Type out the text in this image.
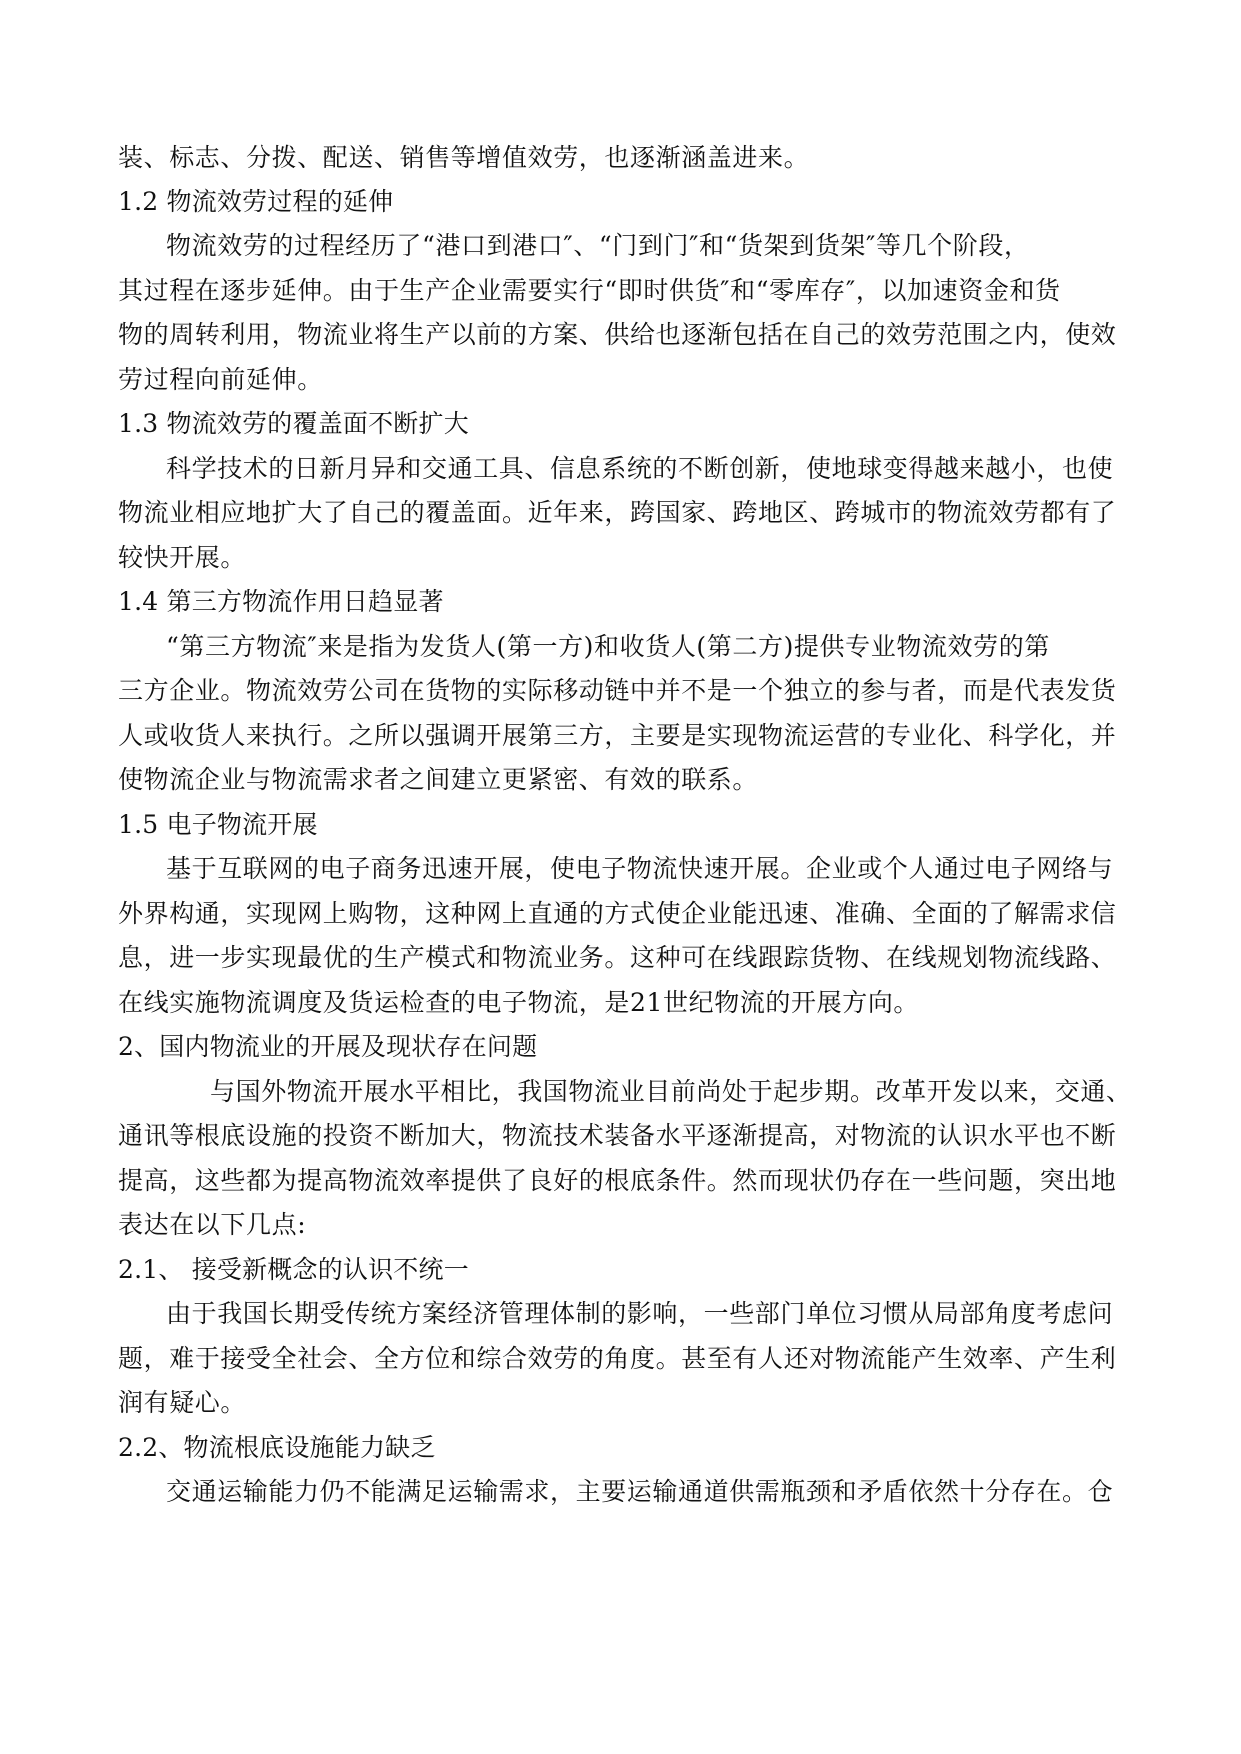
装、标志、分拨、配送、销售等增值效劳，也逐渐涵盖进来。
1.2 物流效劳过程的延伸
物流效劳的过程经历了“港口到港口″、“门到门″和“货架到货架″等几个阶段，
其过程在逐步延伸。由于生产企业需要实行“即时供货″和“零库存″，以加速资金和货
物的周转利用，物流业将生产以前的方案、供给也逐渐包括在自己的效劳范围之内，使效
劳过程向前延伸。
1.3 物流效劳的覆盖面不断扩大
科学技术的日新月异和交通工具、信息系统的不断创新，使地球变得越来越小，也使
物流业相应地扩大了自己的覆盖面。近年来，跨国家、跨地区、跨城市的物流效劳都有了
较快开展。
1.4 第三方物流作用日趋显著
“第三方物流″来是指为发货人(第一方)和收货人(第二方)提供专业物流效劳的第
三方企业。物流效劳公司在货物的实际移动链中并不是一个独立的参与者，而是代表发货
人或收货人来执行。之所以强调开展第三方，主要是实现物流运营的专业化、科学化，并
使物流企业与物流需求者之间建立更紧密、有效的联系。
1.5 电子物流开展
基于互联网的电子商务迅速开展，使电子物流快速开展。企业或个人通过电子网络与
外界构通，实现网上购物，这种网上直通的方式使企业能迅速、准确、全面的了解需求信
息，进一步实现最优的生产模式和物流业务。这种可在线跟踪货物、在线规划物流线路、
在线实施物流调度及货运检查的电子物流，是21世纪物流的开展方向。
2、国内物流业的开展及现状存在问题
与国外物流开展水平相比，我国物流业目前尚处于起步期。改革开发以来，交通、
通讯等根底设施的投资不断加大，物流技术装备水平逐渐提高，对物流的认识水平也不断
提高，这些都为提高物流效率提供了良好的根底条件。然而现状仍存在一些问题，突出地
表达在以下几点:
2.1、 接受新概念的认识不统一
由于我国长期受传统方案经济管理体制的影响，一些部门单位习惯从局部角度考虑问
题，难于接受全社会、全方位和综合效劳的角度。甚至有人还对物流能产生效率、产生利
润有疑心。
2.2、物流根底设施能力缺乏
交通运输能力仍不能满足运输需求，主要运输通道供需瓶颈和矛盾依然十分存在。仓
